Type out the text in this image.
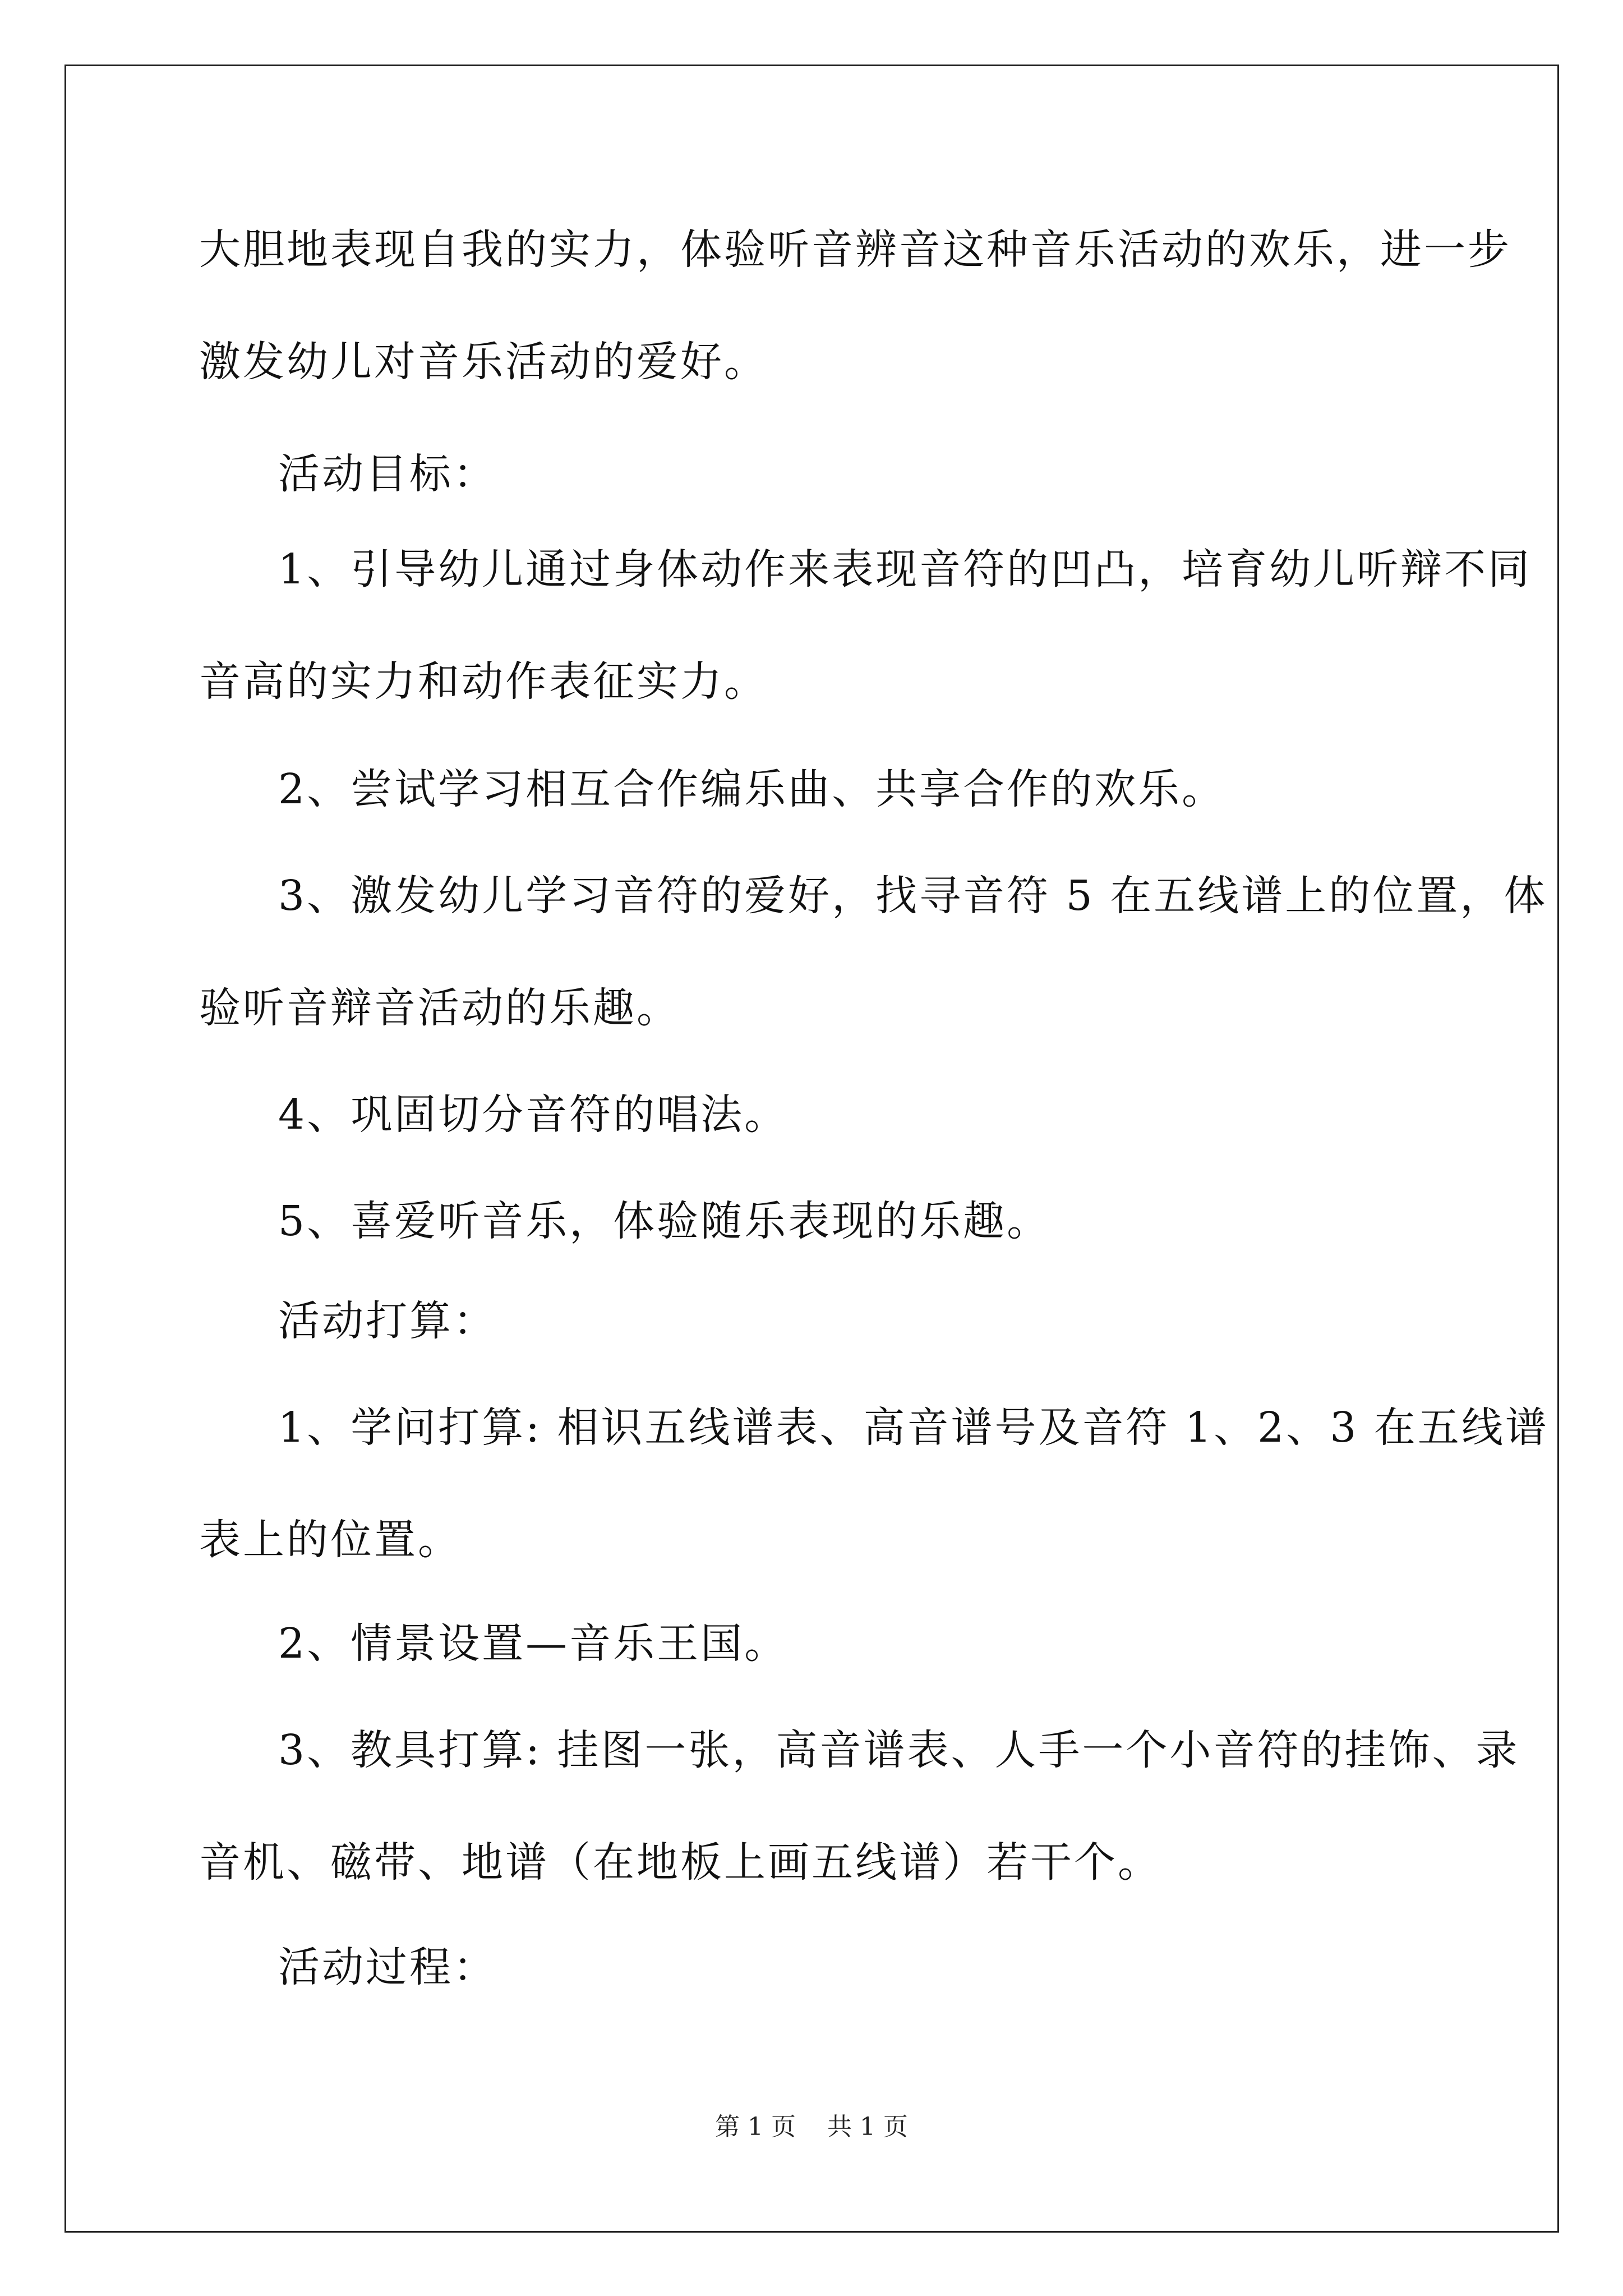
大胆地表现自我的实力，体验听音辨音这种音乐活动的欢乐，进一步
激发幼儿对音乐活动的爱好。
活动目标：
1、引导幼儿通过身体动作来表现音符的凹凸，培育幼儿听辩不同
音高的实力和动作表征实力。
2、尝试学习相互合作编乐曲、共享合作的欢乐。
3、激发幼儿学习音符的爱好，找寻音符 5 在五线谱上的位置，体
验听音辩音活动的乐趣。
4、巩固切分音符的唱法。
5、喜爱听音乐，体验随乐表现的乐趣。
活动打算：
1、学问打算: 相识五线谱表、高音谱号及音符 1、2、3 在五线谱
表上的位置。
2、情景设置—音乐王国。
3、教具打算: 挂图一张，高音谱表、人手一个小音符的挂饰、录
音机、磁带、地谱（在地板上画五线谱）若干个。
活动过程：
第 1 页    共 1 页
